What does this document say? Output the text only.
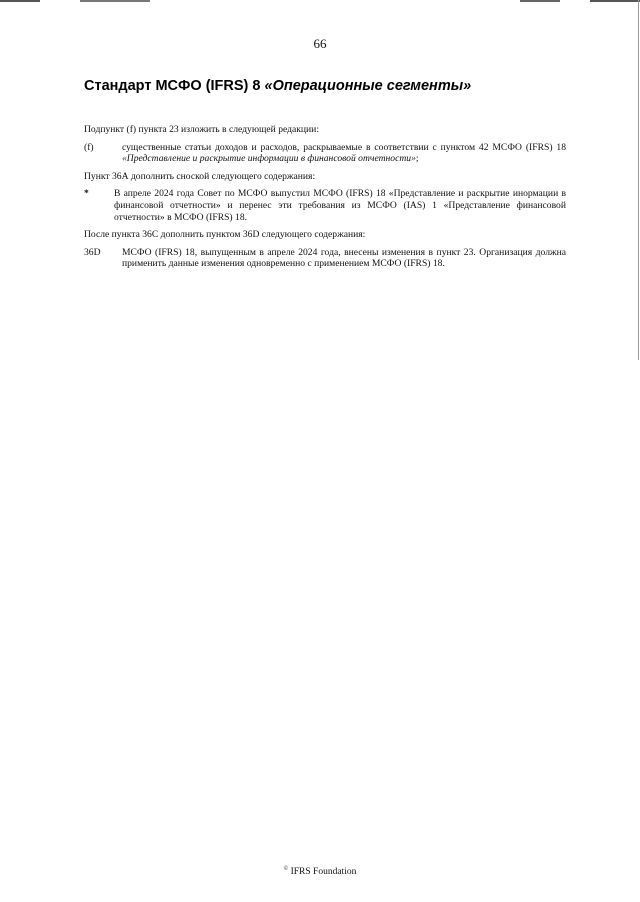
66
Стандарт МСФО (IFRS) 8 «Операционные сегменты»

Подпункт (f) пункта 23 изложить в следующей редакции:

(f)	существенные статьи доходов и расходов, раскрываемые в соответствии с пунктом 42 МСФО (IFRS) 18 «Представление и раскрытие информации в финансовой отчетности»;

Пункт 36А дополнить сноской следующего содержания:

*	В апреле 2024 года Совет по МСФО выпустил МСФО (IFRS) 18 «Представление и раскрытие инормации в финансовой отчетности» и перенес эти требования из МСФО (IAS) 1 «Представление финансовой отчетности» в МСФО (IFRS) 18.

После пункта 36С дополнить пунктом 36D следующего содержания:

36D	МСФО (IFRS) 18, выпущенным в апреле 2024 года, внесены изменения в пункт 23. Организация должна применить данные изменения одновременно с применением МСФО (IFRS) 18.
© IFRS Foundation
